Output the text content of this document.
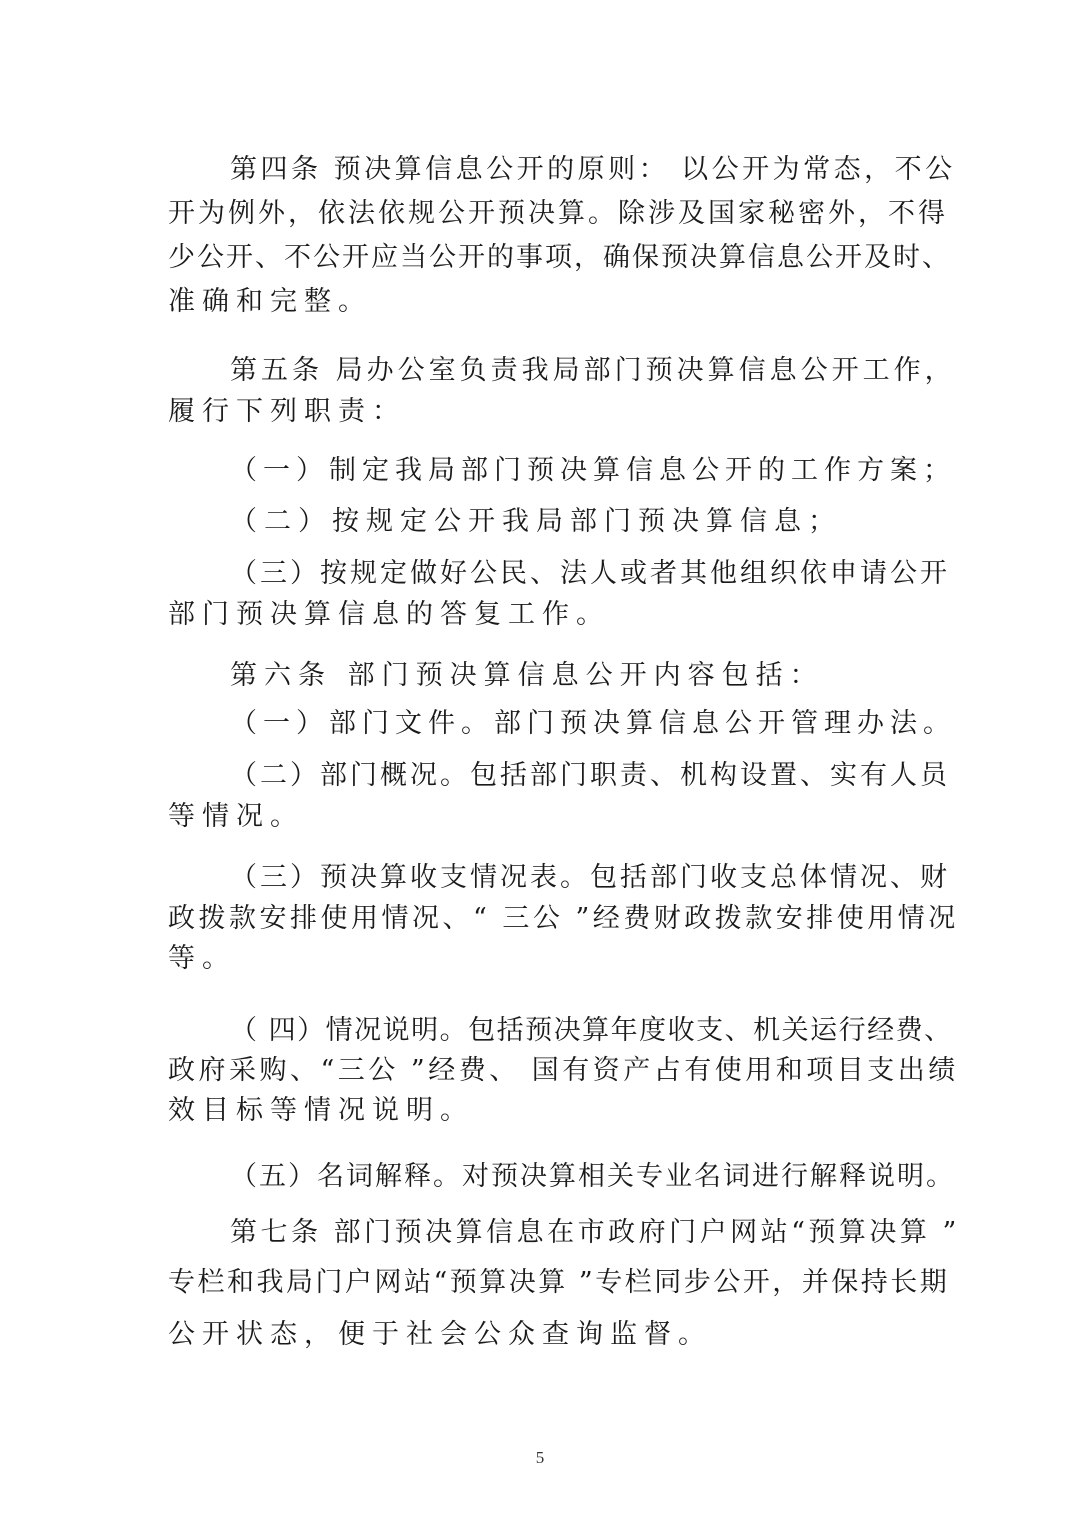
第四条 预决算信息公开的原则： 以公开为常态，不公

开为例外，依法依规公开预决算。除涉及国家秘密外，不得

少公开、不公开应当公开的事项，确保预决算信息公开及时、

准确和完整。

第五条 局办公室负责我局部门预决算信息公开工作，

履行下列职责：

（一）制定我局部门预决算信息公开的工作方案；

（二）按规定公开我局部门预决算信息；

（三）按规定做好公民、法人或者其他组织依申请公开

部门预决算信息的答复工作。

第六条 部门预决算信息公开内容包括：

（一）部门文件。部门预决算信息公开管理办法。

（二）部门概况。包括部门职责、机构设置、实有人员

等情况。

（三）预决算收支情况表。包括部门收支总体情况、财

政拨款安排使用情况、“ 三公 ”经费财政拨款安排使用情况

等。

（ 四）情况说明。包括预决算年度收支、机关运行经费、

政府采购、“三公 ”经费、 国有资产占有使用和项目支出绩

效目标等情况说明。

（五）名词解释。对预决算相关专业名词进行解释说明。

第七条 部门预决算信息在市政府门户网站“预算决算 ”

专栏和我局门户网站“预算决算 ”专栏同步公开，并保持长期

公开状态，便于社会公众查询监督。

5
